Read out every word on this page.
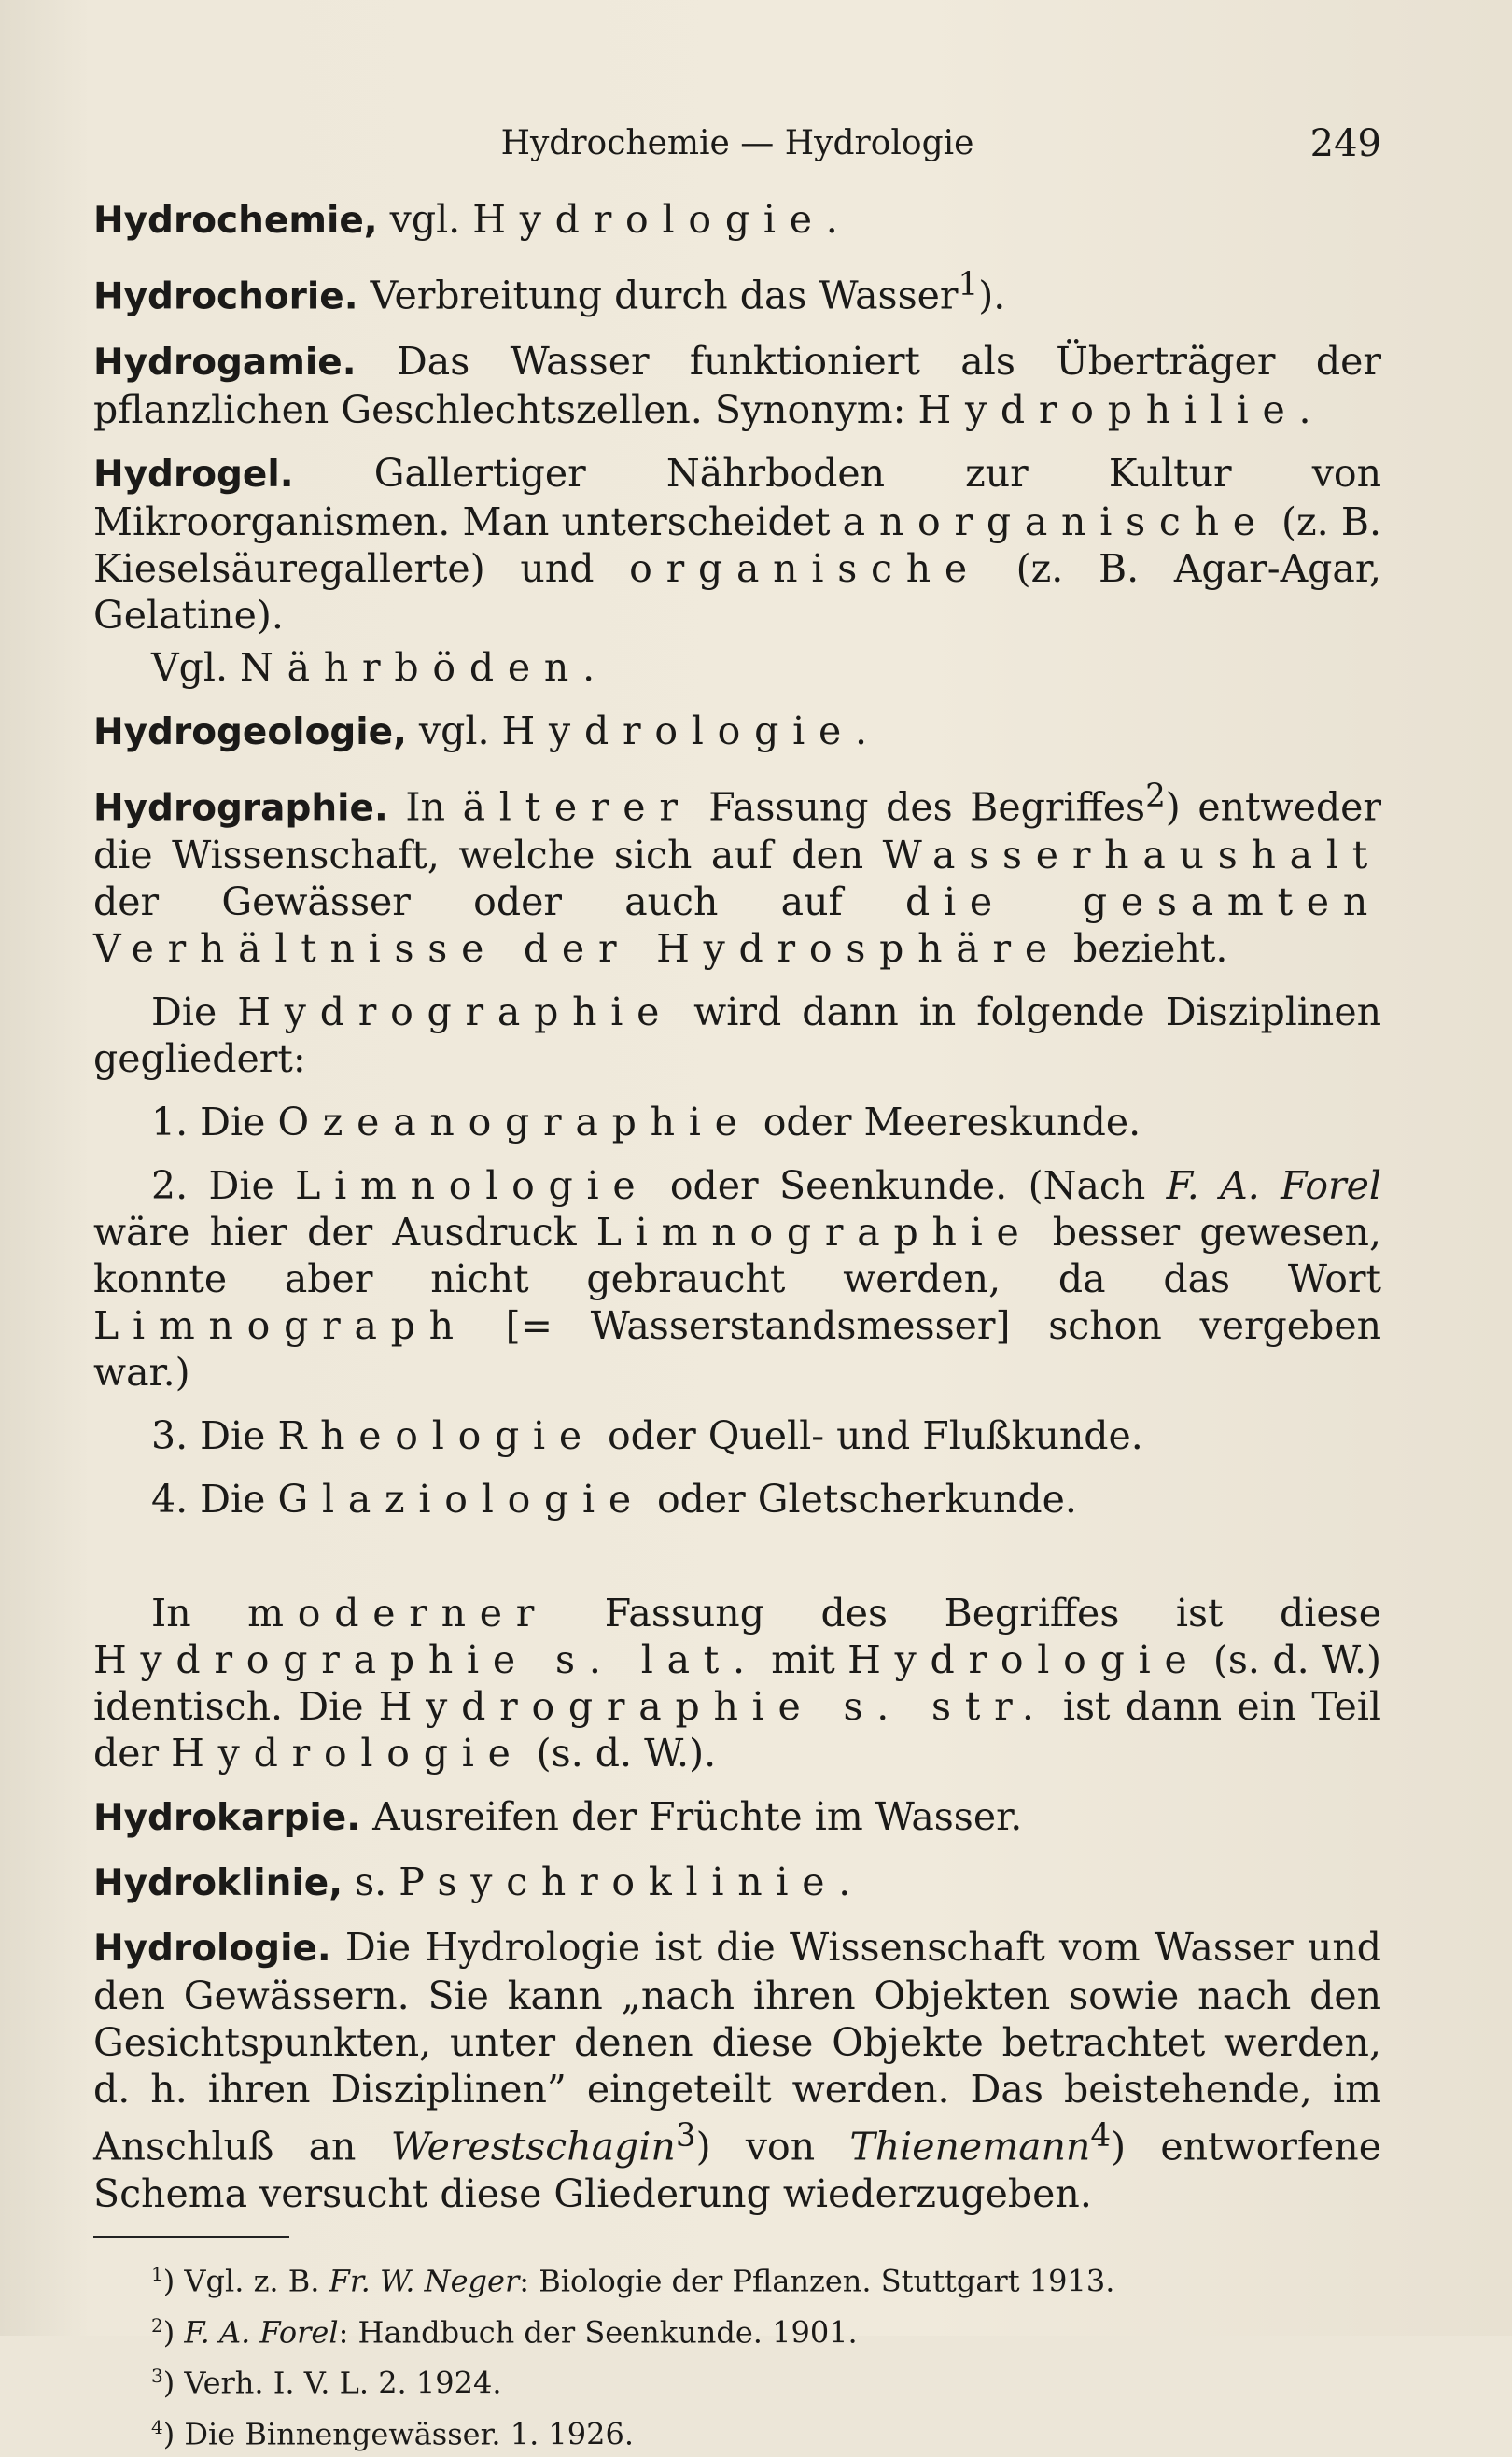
Hydrochemie — Hydrologie	249

Hydrochemie, vgl. Hydrologie.

Hydrochorie. Verbreitung durch das Wasser$^1$).

Hydrogamie. Das Wasser funktioniert als Überträger der pflanzlichen Geschlechtszellen. Synonym: Hydrophilie.

Hydrogel. Gallertiger Nährboden zur Kultur von Mikroorganismen. Man unterscheidet anorganische (z. B. Kieselsäuregallerte) und organische (z. B. Agar-Agar, Gelatine).

Vgl. Nährböden.

Hydrogeologie, vgl. Hydrologie.

Hydrographie. In älterer Fassung des Begriffes$^2$) entweder die Wissenschaft, welche sich auf den Wasserhaushalt der Gewässer oder auch auf die gesamten Verhältnisse der Hydrosphäre bezieht.

Die Hydrographie wird dann in folgende Disziplinen gegliedert:

1. Die Ozeanographie oder Meereskunde.

2. Die Limnologie oder Seenkunde. (Nach F. A. Forel wäre hier der Ausdruck Limnographie besser gewesen, konnte aber nicht gebraucht werden, da das Wort Limnograph [= Wasserstandsmesser] schon vergeben war.)

3. Die Rheologie oder Quell- und Flußkunde.

4. Die Glaziologie oder Gletscherkunde.

In moderner Fassung des Begriffes ist diese Hydrographie s. lat. mit Hydrologie (s. d. W.) identisch. Die Hydrographie s. str. ist dann ein Teil der Hydrologie (s. d. W.).

Hydrokarpie. Ausreifen der Früchte im Wasser.

Hydroklinie, s. Psychroklinie.

Hydrologie. Die Hydrologie ist die Wissenschaft vom Wasser und den Gewässern. Sie kann „nach ihren Objekten sowie nach den Gesichtspunkten, unter denen diese Objekte betrachtet werden, d. h. ihren Disziplinen” eingeteilt werden. Das beistehende, im Anschluß an Werestschagin$^3$) von Thienemann$^4$) entworfene Schema versucht diese Gliederung wiederzugeben.

$^1$) Vgl. z. B. Fr. W. Neger: Biologie der Pflanzen. Stuttgart 1913.

$^2$) F. A. Forel: Handbuch der Seenkunde. 1901.

$^3$) Verh. I. V. L. 2. 1924.

$^4$) Die Binnengewässer. 1. 1926.
